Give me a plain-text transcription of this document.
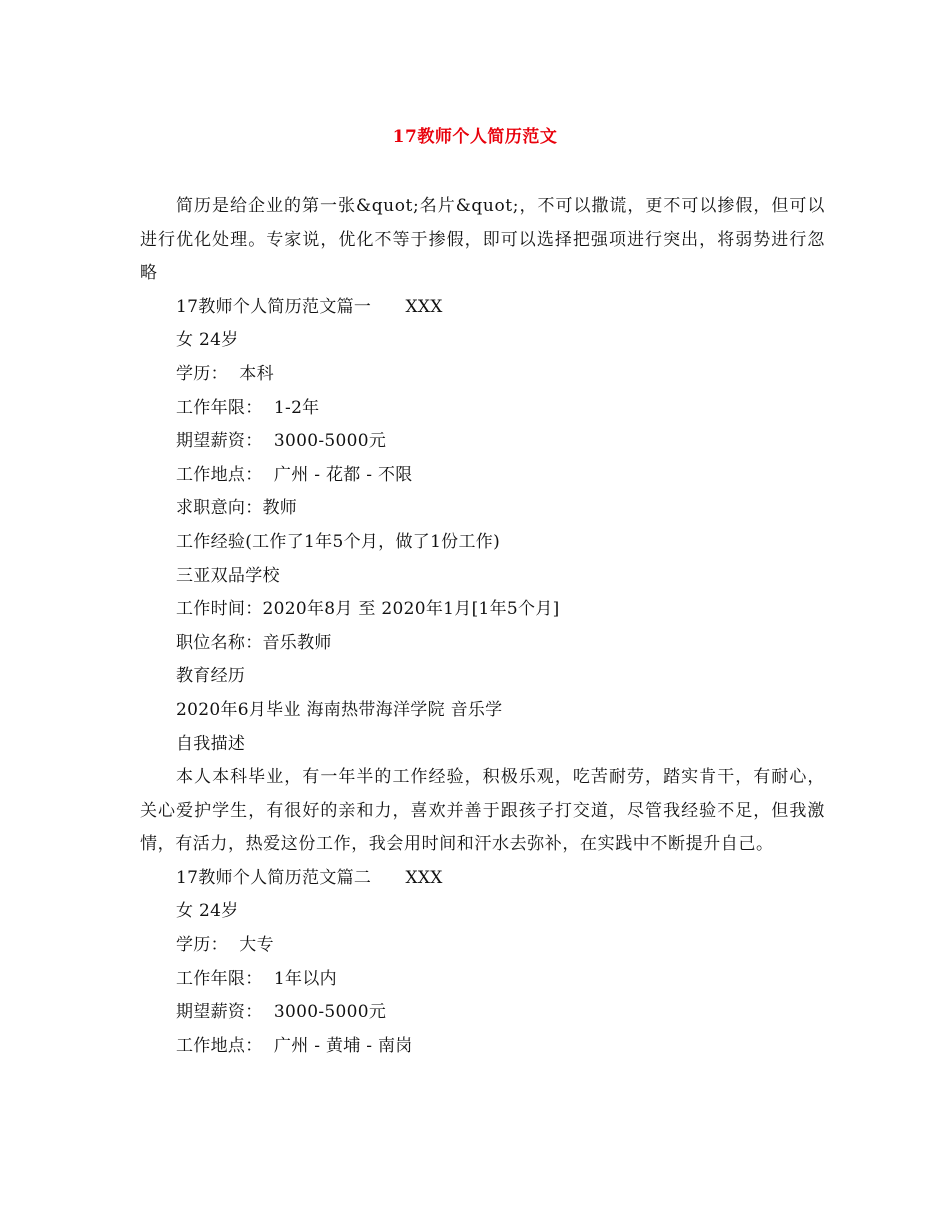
17教师个人简历范文

简历是给企业的第一张&quot;名片&quot;，不可以撒谎，更不可以掺假，但可以进行优化处理。专家说，优化不等于掺假，即可以选择把强项进行突出，将弱势进行忽略

17教师个人简历范文篇一      XXX

女 24岁

学历：  本科

工作年限：  1-2年

期望薪资：  3000-5000元

工作地点：  广州 - 花都 - 不限

求职意向：教师

工作经验(工作了1年5个月，做了1份工作)

三亚双品学校

工作时间：2020年8月 至 2020年1月[1年5个月]

职位名称：音乐教师

教育经历

2020年6月毕业 海南热带海洋学院 音乐学

自我描述

本人本科毕业，有一年半的工作经验，积极乐观，吃苦耐劳，踏实肯干，有耐心，关心爱护学生，有很好的亲和力，喜欢并善于跟孩子打交道，尽管我经验不足，但我激情，有活力，热爱这份工作，我会用时间和汗水去弥补，在实践中不断提升自己。

17教师个人简历范文篇二      XXX

女 24岁

学历：  大专

工作年限：  1年以内

期望薪资：  3000-5000元

工作地点：  广州 - 黄埔 - 南岗
